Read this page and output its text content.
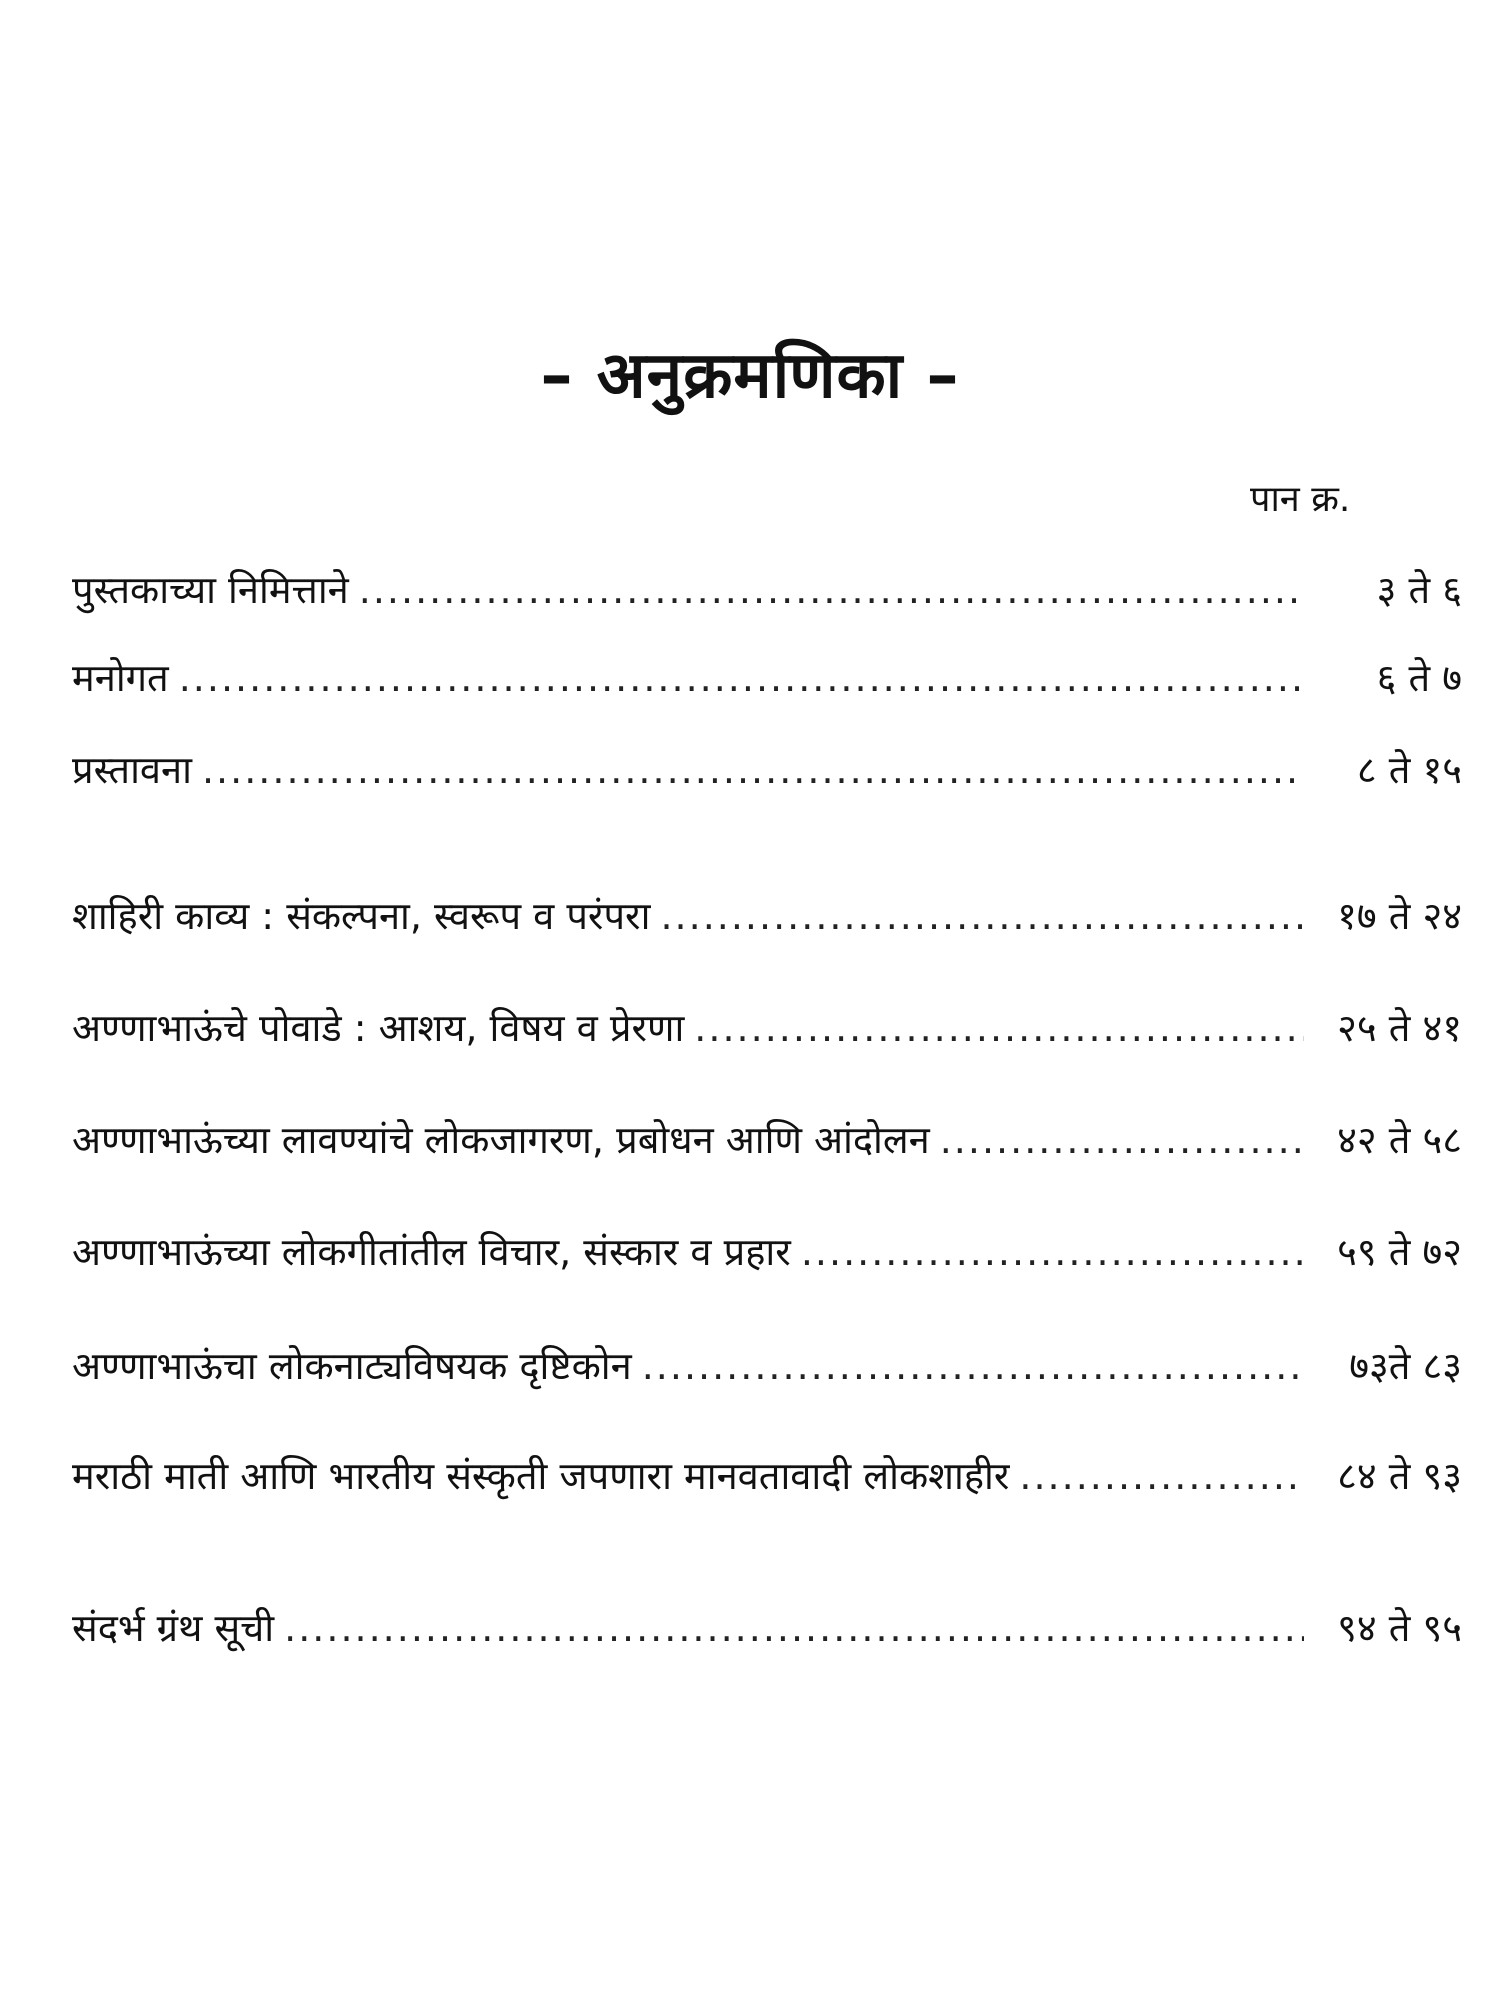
– अनुक्रमणिका –
पान क्र.
पुस्तकाच्या निमित्ताने .....	३ ते ६
मनोगत .....	६ ते ७
प्रस्तावना .....	८ ते १५
शाहिरी काव्य : संकल्पना, स्वरूप व परंपरा .....	१७ ते २४
अण्णाभाऊंचे पोवाडे : आशय, विषय व प्रेरणा .....	२५ ते ४१
अण्णाभाऊंच्या लावण्यांचे लोकजागरण, प्रबोधन आणि आंदोलन .....	४२ ते ५८
अण्णाभाऊंच्या लोकगीतांतील विचार, संस्कार व प्रहार .....	५९ ते ७२
अण्णाभाऊंचा लोकनाट्यविषयक दृष्टिकोन .....	७३ते ८३
मराठी माती आणि भारतीय संस्कृती जपणारा मानवतावादी लोकशाहीर .....	८४ ते ९३
संदर्भ ग्रंथ सूची .....	९४ ते ९५
